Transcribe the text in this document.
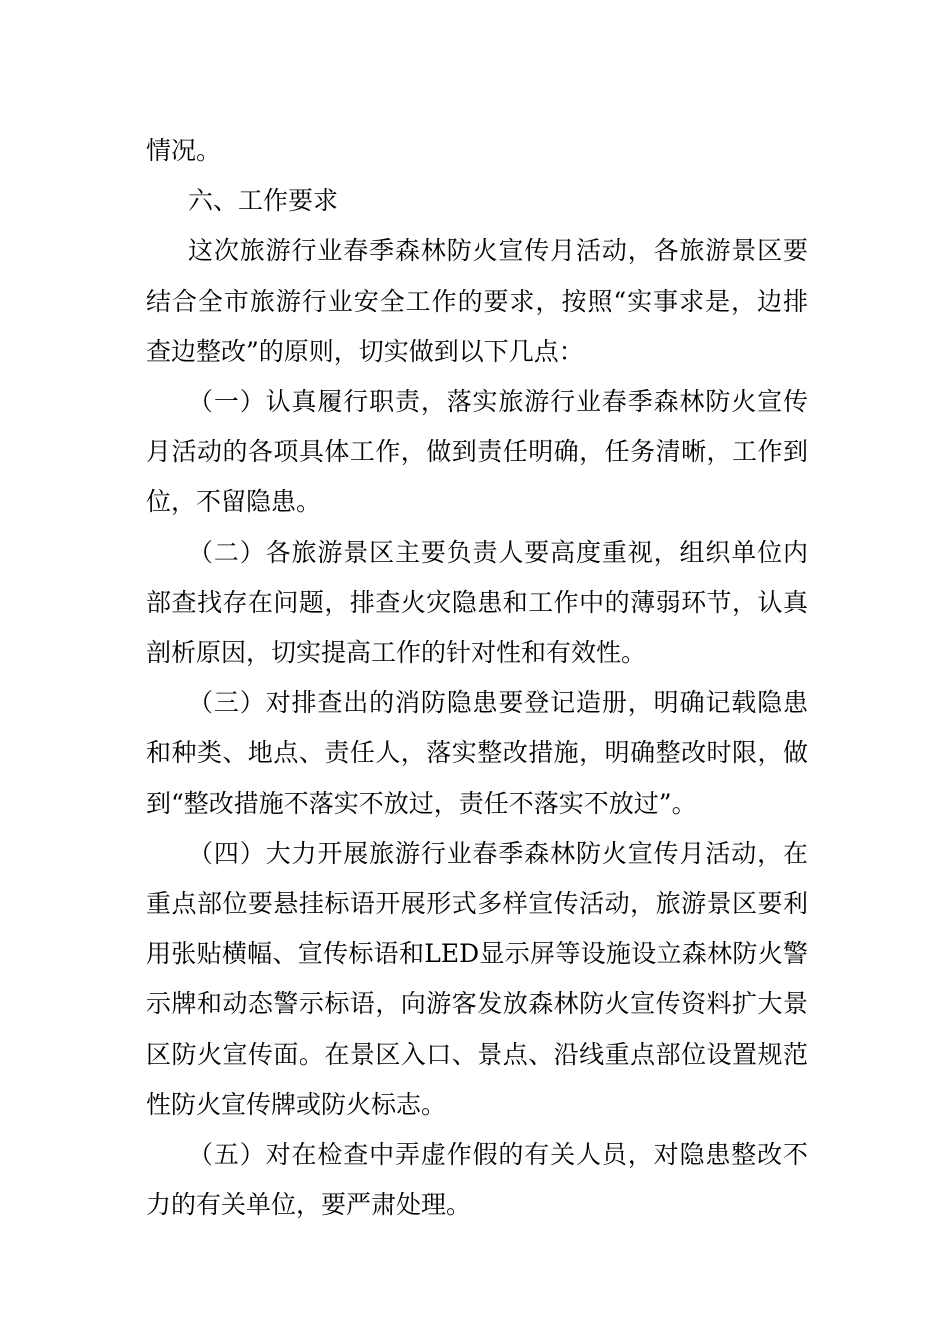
情况。

六、工作要求

这次旅游行业春季森林防火宣传月活动，各旅游景区要结合全市旅游行业安全工作的要求，按照“实事求是，边排查边整改”的原则，切实做到以下几点：

（一）认真履行职责，落实旅游行业春季森林防火宣传月活动的各项具体工作，做到责任明确，任务清晰，工作到位，不留隐患。

（二）各旅游景区主要负责人要高度重视，组织单位内部查找存在问题，排查火灾隐患和工作中的薄弱环节，认真剖析原因，切实提高工作的针对性和有效性。

（三）对排查出的消防隐患要登记造册，明确记载隐患和种类、地点、责任人，落实整改措施，明确整改时限，做到“整改措施不落实不放过，责任不落实不放过”。

（四）大力开展旅游行业春季森林防火宣传月活动，在重点部位要悬挂标语开展形式多样宣传活动，旅游景区要利用张贴横幅、宣传标语和LED显示屏等设施设立森林防火警示牌和动态警示标语，向游客发放森林防火宣传资料扩大景区防火宣传面。在景区入口、景点、沿线重点部位设置规范性防火宣传牌或防火标志。

（五）对在检查中弄虚作假的有关人员，对隐患整改不力的有关单位，要严肃处理。
